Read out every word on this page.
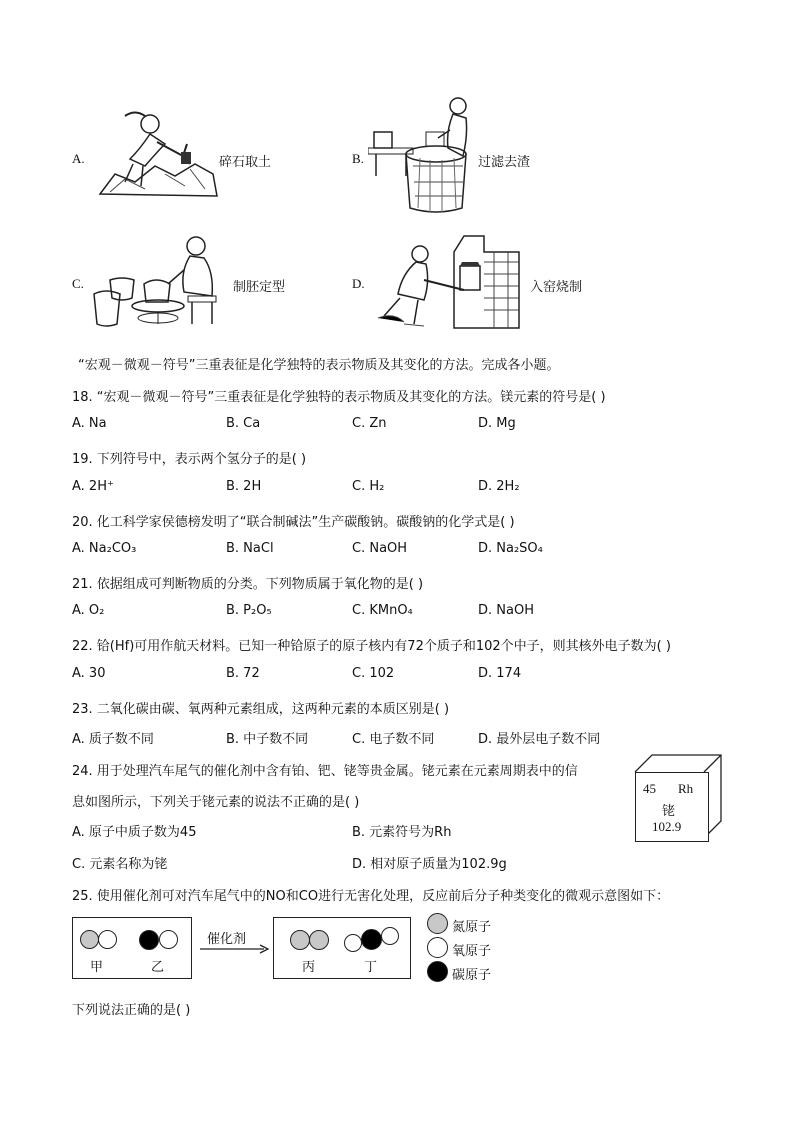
A.	碎石取土	B.	过滤去渣
C.	制胚定型	D.	入窑烧制
“宏观－微观－符号”三重表征是化学独特的表示物质及其变化的方法。完成各小题。
18. “宏观－微观－符号”三重表征是化学独特的表示物质及其变化的方法。镁元素的符号是( )
A. Na	B. Ca	C. Zn	D. Mg
19. 下列符号中，表示两个氢分子的是( )
A. 2H⁺	B. 2H	C. H₂	D. 2H₂
20. 化工科学家侯德榜发明了“联合制碱法”生产碳酸钠。碳酸钠的化学式是( )
A. Na₂CO₃	B. NaCl	C. NaOH	D. Na₂SO₄
21. 依据组成可判断物质的分类。下列物质属于氧化物的是( )
A. O₂	B. P₂O₅	C. KMnO₄	D. NaOH
22. 铪(Hf)可用作航天材料。已知一种铪原子的原子核内有72个质子和102个中子，则其核外电子数为( )
A. 30	B. 72	C. 102	D. 174
23. 二氧化碳由碳、氧两种元素组成，这两种元素的本质区别是( )
A. 质子数不同	B. 中子数不同	C. 电子数不同	D. 最外层电子数不同
24. 用于处理汽车尾气的催化剂中含有铂、钯、铑等贵金属。铑元素在元素周期表中的信
息如图所示，下列关于铑元素的说法不正确的是( )
A. 原子中质子数为45	B. 元素符号为Rh
C. 元素名称为铑	D. 相对原子质量为102.9g
45 Rh
铑
102.9
25. 使用催化剂可对汽车尾气中的NO和CO进行无害化处理，反应前后分子种类变化的微观示意图如下：
甲	乙
催化剂
丙	丁
氮原子
氧原子
碳原子
下列说法正确的是( )
